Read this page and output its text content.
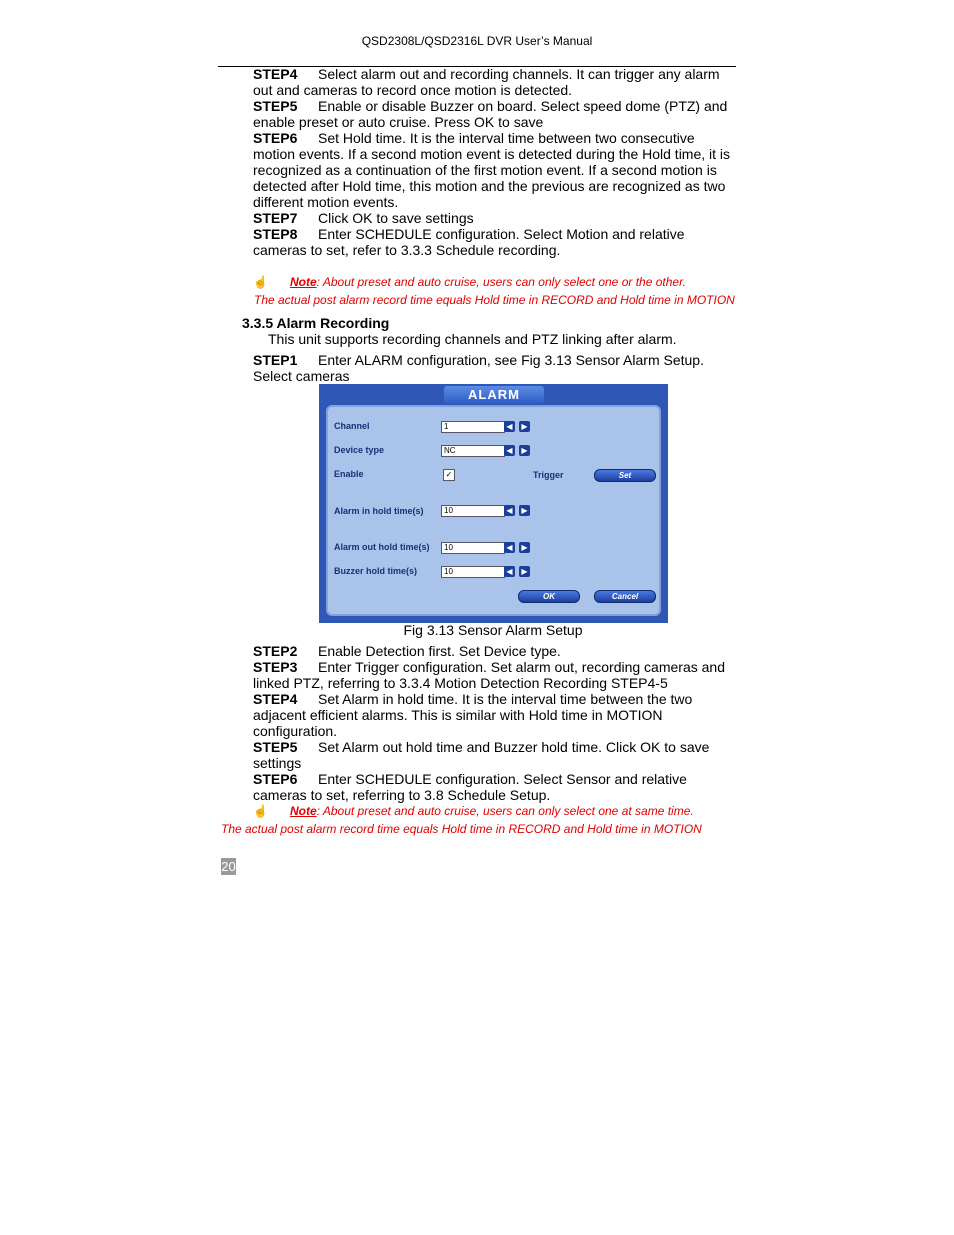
QSD2308L/QSD2316L DVR User’s Manual
STEP4 Select alarm out and recording channels. It can trigger any alarm
out and cameras to record once motion is detected.
STEP5 Enable or disable Buzzer on board. Select speed dome (PTZ) and
enable preset or auto cruise. Press OK to save
STEP6 Set Hold time. It is the interval time between two consecutive
motion events. If a second motion event is detected during the Hold time, it is
recognized as a continuation of the first motion event. If a second motion is
detected after Hold time, this motion and the previous are recognized as two
different motion events.
STEP7 Click OK to save settings
STEP8 Enter SCHEDULE configuration. Select Motion and relative
cameras to set, refer to 3.3.3 Schedule recording.
☝ Note: About preset and auto cruise, users can only select one or the other.
The actual post alarm record time equals Hold time in RECORD and Hold time in MOTION
3.3.5 Alarm Recording
This unit supports recording channels and PTZ linking after alarm.
STEP1 Enter ALARM configuration, see Fig 3.13 Sensor Alarm Setup.
Select cameras
ALARM
Channel	1	◀	▶
Device type	NC	◀	▶
Enable	✓	Trigger	Set
Alarm in hold time(s)	10	◀	▶
Alarm out hold time(s)	10	◀	▶
Buzzer hold time(s)	10	◀	▶
OK	Cancel
Fig 3.13 Sensor Alarm Setup
STEP2 Enable Detection first. Set Device type.
STEP3 Enter Trigger configuration. Set alarm out, recording cameras and
linked PTZ, referring to 3.3.4 Motion Detection Recording STEP4-5
STEP4 Set Alarm in hold time. It is the interval time between the two
adjacent efficient alarms. This is similar with Hold time in MOTION
configuration.
STEP5 Set Alarm out hold time and Buzzer hold time. Click OK to save
settings
STEP6 Enter SCHEDULE configuration. Select Sensor and relative
cameras to set, referring to 3.8 Schedule Setup.
☝ Note: About preset and auto cruise, users can only select one at same time.
The actual post alarm record time equals Hold time in RECORD and Hold time in MOTION
20
